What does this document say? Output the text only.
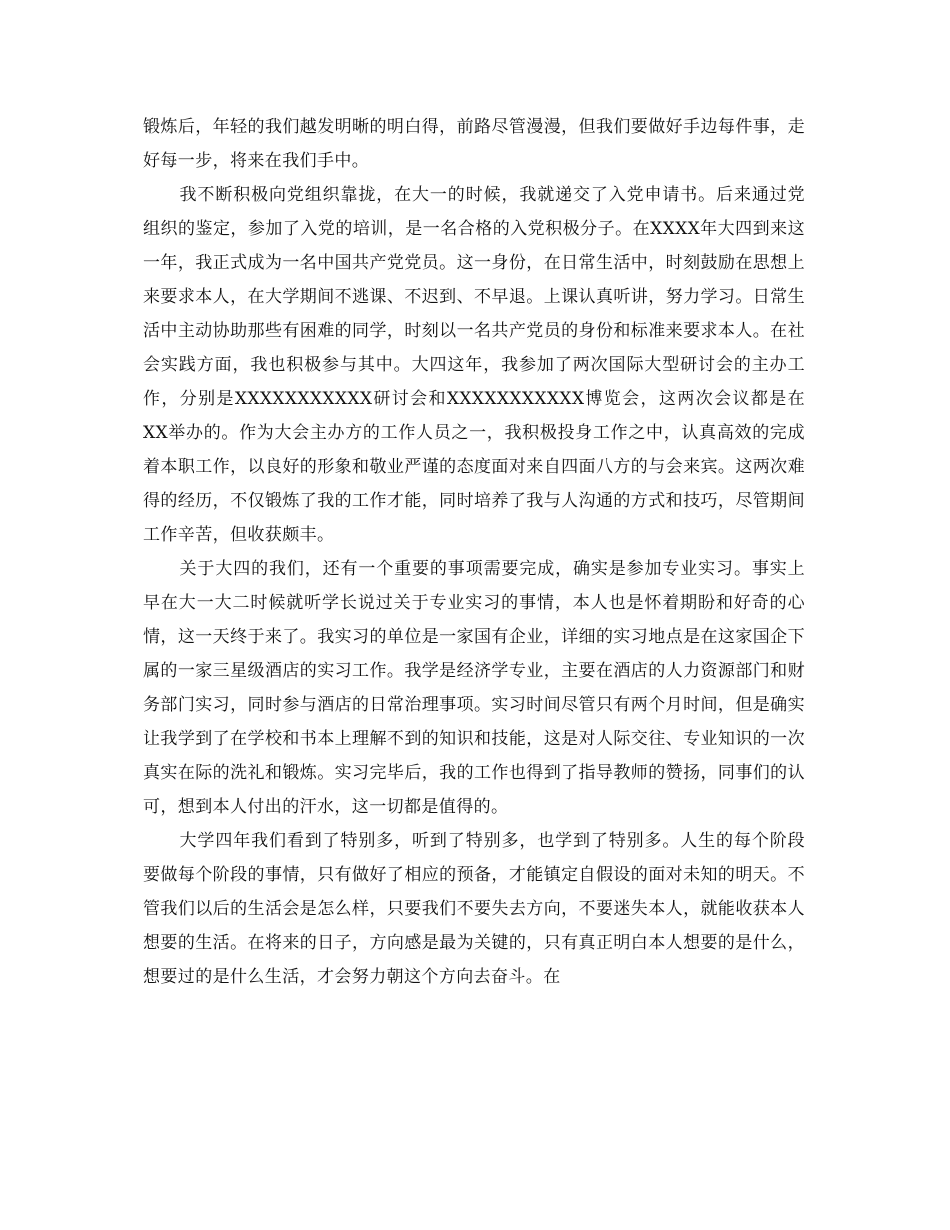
锻炼后，年轻的我们越发明晰的明白得，前路尽管漫漫，但我们要做好手边每件事，走好每一步，将来在我们手中。

我不断积极向党组织靠拢，在大一的时候，我就递交了入党申请书。后来通过党组织的鉴定，参加了入党的培训，是一名合格的入党积极分子。在XXXX年大四到来这一年，我正式成为一名中国共产党党员。这一身份，在日常生活中，时刻鼓励在思想上来要求本人，在大学期间不逃课、不迟到、不早退。上课认真听讲，努力学习。日常生活中主动协助那些有困难的同学，时刻以一名共产党员的身份和标准来要求本人。在社会实践方面，我也积极参与其中。大四这年，我参加了两次国际大型研讨会的主办工作，分别是XXXXXXXXXXX研讨会和XXXXXXXXXXX博览会，这两次会议都是在XX举办的。作为大会主办方的工作人员之一，我积极投身工作之中，认真高效的完成着本职工作，以良好的形象和敬业严谨的态度面对来自四面八方的与会来宾。这两次难得的经历，不仅锻炼了我的工作才能，同时培养了我与人沟通的方式和技巧，尽管期间工作辛苦，但收获颇丰。

关于大四的我们，还有一个重要的事项需要完成，确实是参加专业实习。事实上早在大一大二时候就听学长说过关于专业实习的事情，本人也是怀着期盼和好奇的心情，这一天终于来了。我实习的单位是一家国有企业，详细的实习地点是在这家国企下属的一家三星级酒店的实习工作。我学是经济学专业，主要在酒店的人力资源部门和财务部门实习，同时参与酒店的日常治理事项。实习时间尽管只有两个月时间，但是确实让我学到了在学校和书本上理解不到的知识和技能，这是对人际交往、专业知识的一次真实在际的洗礼和锻炼。实习完毕后，我的工作也得到了指导教师的赞扬，同事们的认可，想到本人付出的汗水，这一切都是值得的。

大学四年我们看到了特别多，听到了特别多，也学到了特别多。人生的每个阶段要做每个阶段的事情，只有做好了相应的预备，才能镇定自假设的面对未知的明天。不管我们以后的生活会是怎么样，只要我们不要失去方向，不要迷失本人，就能收获本人想要的生活。在将来的日子，方向感是最为关键的，只有真正明白本人想要的是什么，想要过的是什么生活，才会努力朝这个方向去奋斗。在
